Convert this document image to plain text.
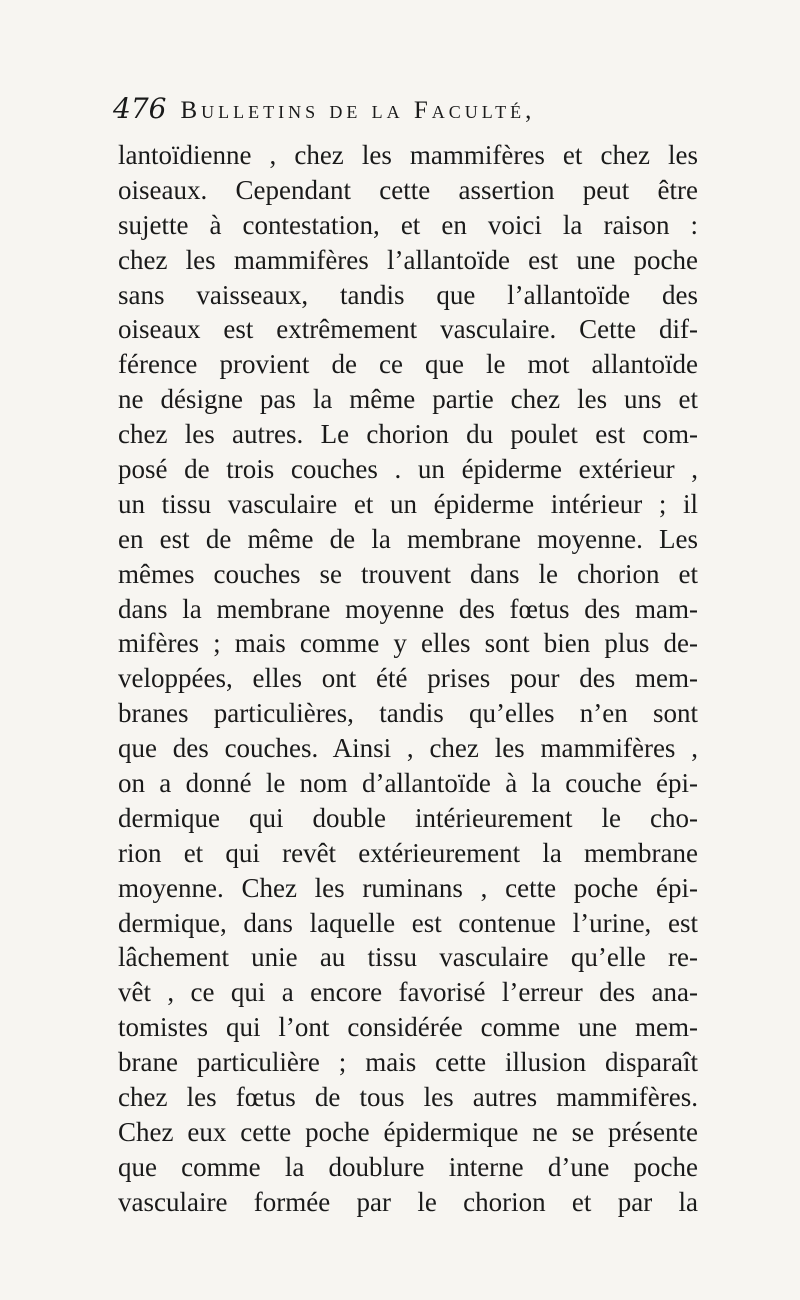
476 Bulletins de la Faculté,
lantoïdienne , chez les mammifères et chez les
oiseaux. Cependant cette assertion peut être
sujette à contestation, et en voici la raison :
chez les mammifères l’allantoïde est une poche
sans vaisseaux, tandis que l’allantoïde des
oiseaux est extrêmement vasculaire. Cette dif-
férence provient de ce que le mot allantoïde
ne désigne pas la même partie chez les uns et
chez les autres. Le chorion du poulet est com-
posé de trois couches . un épiderme extérieur ,
un tissu vasculaire et un épiderme intérieur ; il
en est de même de la membrane moyenne. Les
mêmes couches se trouvent dans le chorion et
dans la membrane moyenne des fœtus des mam-
mifères ; mais comme y elles sont bien plus de-
veloppées, elles ont été prises pour des mem-
branes particulières, tandis qu’elles n’en sont
que des couches. Ainsi , chez les mammifères ,
on a donné le nom d’allantoïde à la couche épi-
dermique qui double intérieurement le cho-
rion et qui revêt extérieurement la membrane
moyenne. Chez les ruminans , cette poche épi-
dermique, dans laquelle est contenue l’urine, est
lâchement unie au tissu vasculaire qu’elle re-
vêt , ce qui a encore favorisé l’erreur des ana-
tomistes qui l’ont considérée comme une mem-
brane particulière ; mais cette illusion disparaît
chez les fœtus de tous les autres mammifères.
Chez eux cette poche épidermique ne se présente
que comme la doublure interne d’une poche
vasculaire formée par le chorion et par la
